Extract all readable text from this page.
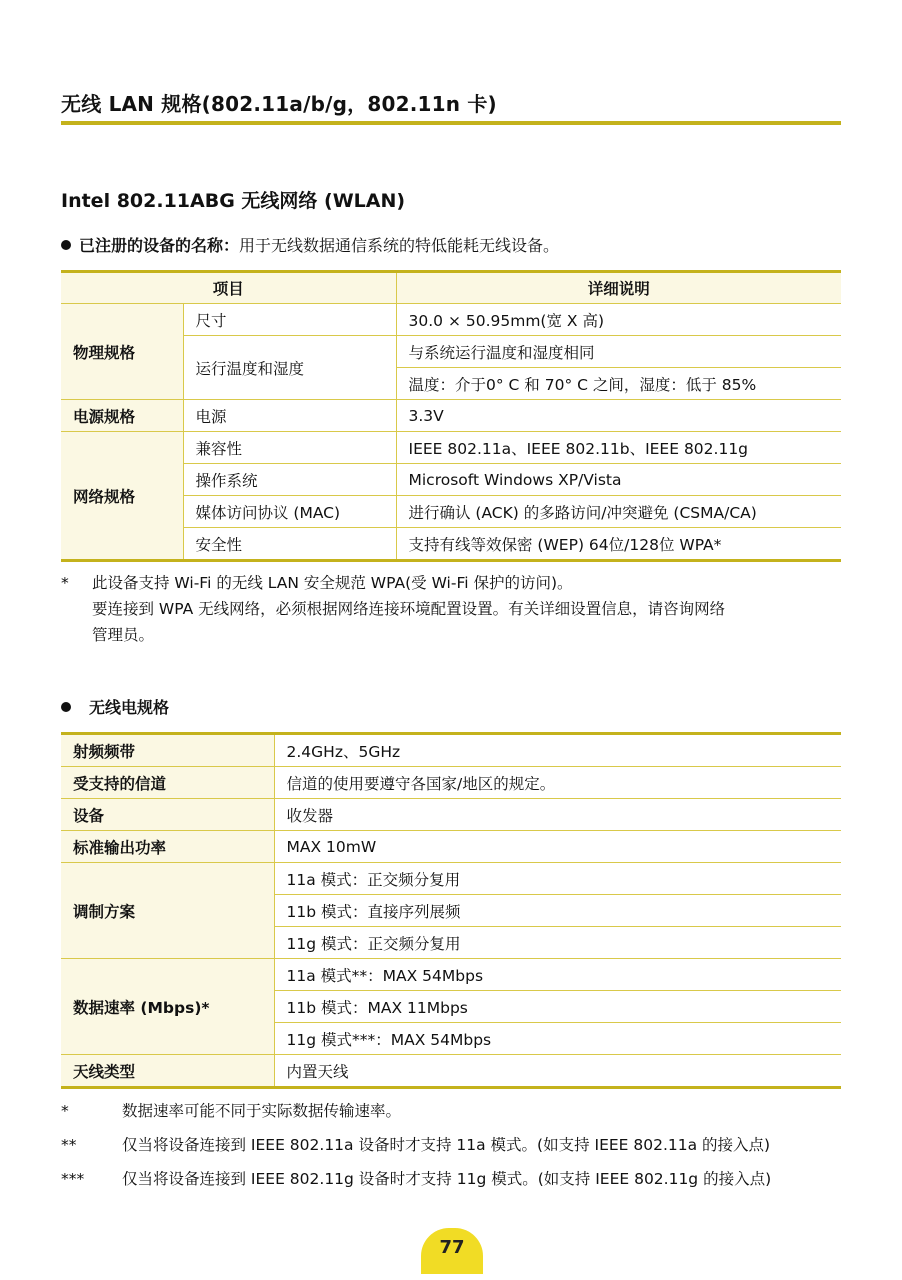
无线 LAN 规格(802.11a/b/g，802.11n 卡)
Intel 802.11ABG 无线网络 (WLAN)
已注册的设备的名称：用于无线数据通信系统的特低能耗无线设备。
项目		详细说明
物理规格	尺寸	30.0 × 50.95mm(宽 X 高)
	运行温度和湿度	与系统运行温度和湿度相同
		温度：介于0° C 和 70° C 之间，湿度：低于 85%
电源规格	电源	3.3V
网络规格	兼容性	IEEE 802.11a、IEEE 802.11b、IEEE 802.11g
	操作系统	Microsoft Windows XP/Vista
	媒体访问协议 (MAC)	进行确认 (ACK) 的多路访问/冲突避免 (CSMA/CA)
	安全性	支持有线等效保密 (WEP) 64位/128位 WPA*
*	此设备支持 Wi-Fi 的无线 LAN 安全规范 WPA(受 Wi-Fi 保护的访问)。
要连接到 WPA 无线网络，必须根据网络连接环境配置设置。有关详细设置信息，请咨询网络
管理员。
无线电规格
射频频带	2.4GHz、5GHz
受支持的信道	信道的使用要遵守各国家/地区的规定。
设备	收发器
标准输出功率	MAX 10mW
调制方案	11a 模式：正交频分复用
	11b 模式：直接序列展频
	11g 模式：正交频分复用
数据速率 (Mbps)*	11a 模式**：MAX 54Mbps
	11b 模式：MAX 11Mbps
	11g 模式***：MAX 54Mbps
天线类型	内置天线
*	数据速率可能不同于实际数据传输速率。
**	仅当将设备连接到 IEEE 802.11a 设备时才支持 11a 模式。(如支持 IEEE 802.11a 的接入点)
***	仅当将设备连接到 IEEE 802.11g 设备时才支持 11g 模式。(如支持 IEEE 802.11g 的接入点)
77
